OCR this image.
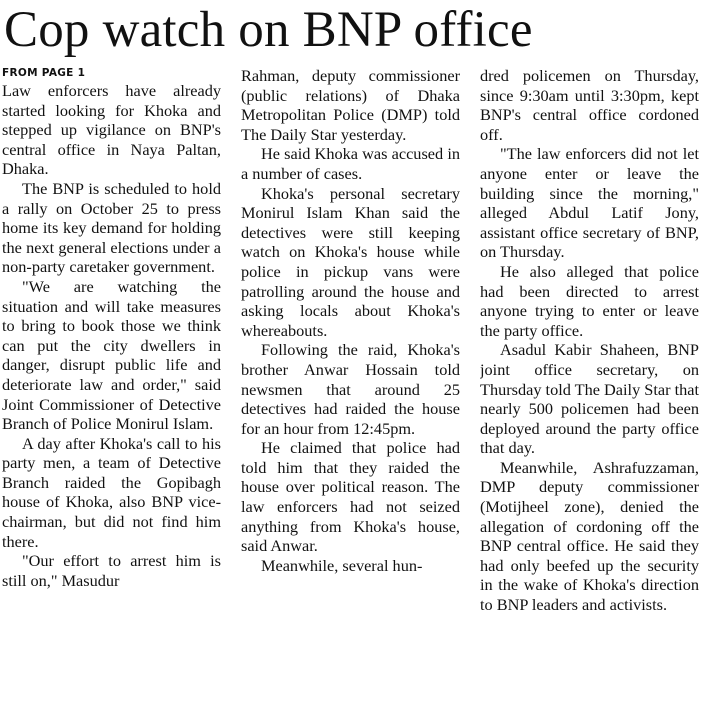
Cop watch on BNP office
FROM PAGE 1

Law enforcers have already started looking for Khoka and stepped up vigilance on BNP's central office in Naya Paltan, Dhaka.

The BNP is scheduled to hold a rally on October 25 to press home its key demand for holding the next general elections under a non-party caretaker government.

"We are watching the situation and will take measures to bring to book those we think can put the city dwellers in danger, disrupt public life and deteriorate law and order," said Joint Commissioner of Detective Branch of Police Monirul Islam.

A day after Khoka's call to his party men, a team of Detective Branch raided the Gopibagh house of Khoka, also BNP vice-chairman, but did not find him there.

"Our effort to arrest him is still on," Masudur

Rahman, deputy commissioner (public relations) of Dhaka Metropolitan Police (DMP) told The Daily Star yesterday.

He said Khoka was accused in a number of cases.

Khoka's personal secretary Monirul Islam Khan said the detectives were still keeping watch on Khoka's house while police in pickup vans were patrolling around the house and asking locals about Khoka's whereabouts.

Following the raid, Khoka's brother Anwar Hossain told newsmen that around 25 detectives had raided the house for an hour from 12:45pm.

He claimed that police had told him that they raided the house over political reason. The law enforcers had not seized anything from Khoka's house, said Anwar.

Meanwhile, several hun-

dred policemen on Thursday, since 9:30am until 3:30pm, kept BNP's central office cordoned off.

"The law enforcers did not let anyone enter or leave the building since the morning," alleged Abdul Latif Jony, assistant office secretary of BNP, on Thursday.

He also alleged that police had been directed to arrest anyone trying to enter or leave the party office.

Asadul Kabir Shaheen, BNP joint office secretary, on Thursday told The Daily Star that nearly 500 policemen had been deployed around the party office that day.

Meanwhile, Ashrafuzzaman, DMP deputy commissioner (Motijheel zone), denied the allegation of cordoning off the BNP central office. He said they had only beefed up the security in the wake of Khoka's direction to BNP leaders and activists.
